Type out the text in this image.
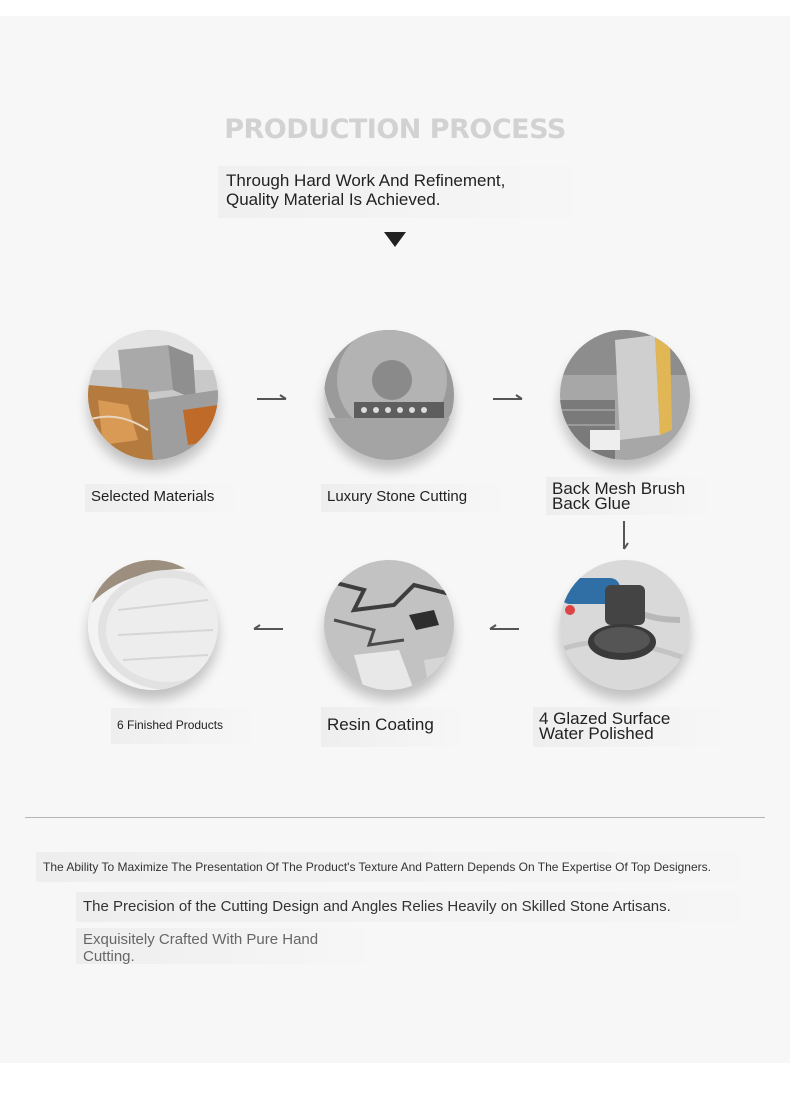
PRODUCTION PROCESS
Through Hard Work And Refinement,
Quality Material Is Achieved.
Selected Materials	Luxury Stone Cutting	Back Mesh Brush
Back Glue
4 Glazed Surface
Water Polished
Resin Coating
6 Finished Products
The Ability To Maximize The Presentation Of The Product's Texture And Pattern Depends On The Expertise Of Top Designers.
The Precision of the Cutting Design and Angles Relies Heavily on Skilled Stone Artisans.
Exquisitely Crafted With Pure Hand
Cutting.
